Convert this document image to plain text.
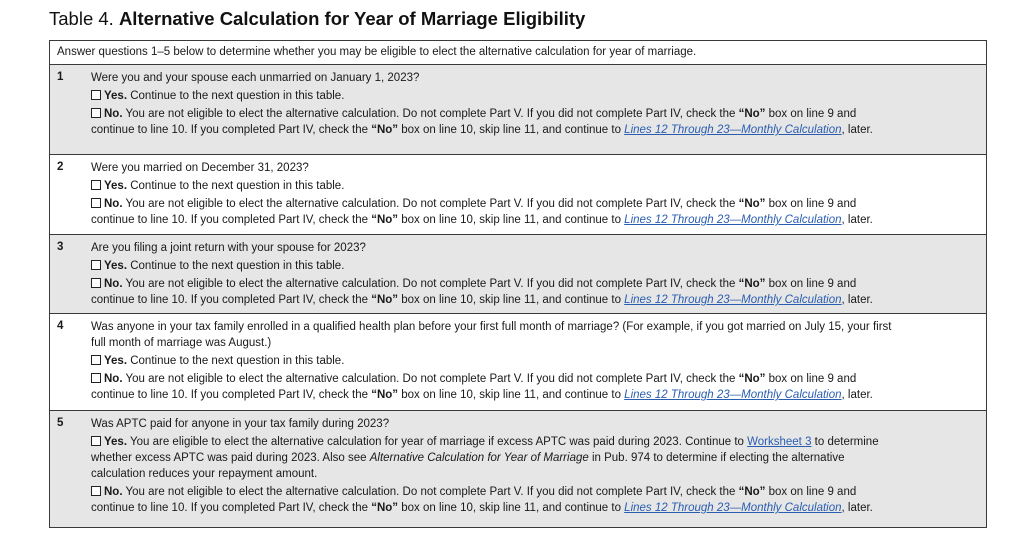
Table 4. Alternative Calculation for Year of Marriage Eligibility
Answer questions 1–5 below to determine whether you may be eligible to elect the alternative calculation for year of marriage.
1 Were you and your spouse each unmarried on January 1, 2023?
Yes. Continue to the next question in this table.
No. You are not eligible to elect the alternative calculation. Do not complete Part V. If you did not complete Part IV, check the “No” box on line 9 and
continue to line 10. If you completed Part IV, check the “No” box on line 10, skip line 11, and continue to Lines 12 Through 23—Monthly Calculation, later.
2 Were you married on December 31, 2023?
Yes. Continue to the next question in this table.
No. You are not eligible to elect the alternative calculation. Do not complete Part V. If you did not complete Part IV, check the “No” box on line 9 and
continue to line 10. If you completed Part IV, check the “No” box on line 10, skip line 11, and continue to Lines 12 Through 23—Monthly Calculation, later.
3 Are you filing a joint return with your spouse for 2023?
Yes. Continue to the next question in this table.
No. You are not eligible to elect the alternative calculation. Do not complete Part V. If you did not complete Part IV, check the “No” box on line 9 and
continue to line 10. If you completed Part IV, check the “No” box on line 10, skip line 11, and continue to Lines 12 Through 23—Monthly Calculation, later.
4 Was anyone in your tax family enrolled in a qualified health plan before your first full month of marriage? (For example, if you got married on July 15, your first
full month of marriage was August.)
Yes. Continue to the next question in this table.
No. You are not eligible to elect the alternative calculation. Do not complete Part V. If you did not complete Part IV, check the “No” box on line 9 and
continue to line 10. If you completed Part IV, check the “No” box on line 10, skip line 11, and continue to Lines 12 Through 23—Monthly Calculation, later.
5 Was APTC paid for anyone in your tax family during 2023?
Yes. You are eligible to elect the alternative calculation for year of marriage if excess APTC was paid during 2023. Continue to Worksheet 3 to determine
whether excess APTC was paid during 2023. Also see Alternative Calculation for Year of Marriage in Pub. 974 to determine if electing the alternative
calculation reduces your repayment amount.
No. You are not eligible to elect the alternative calculation. Do not complete Part V. If you did not complete Part IV, check the “No” box on line 9 and
continue to line 10. If you completed Part IV, check the “No” box on line 10, skip line 11, and continue to Lines 12 Through 23—Monthly Calculation, later.
